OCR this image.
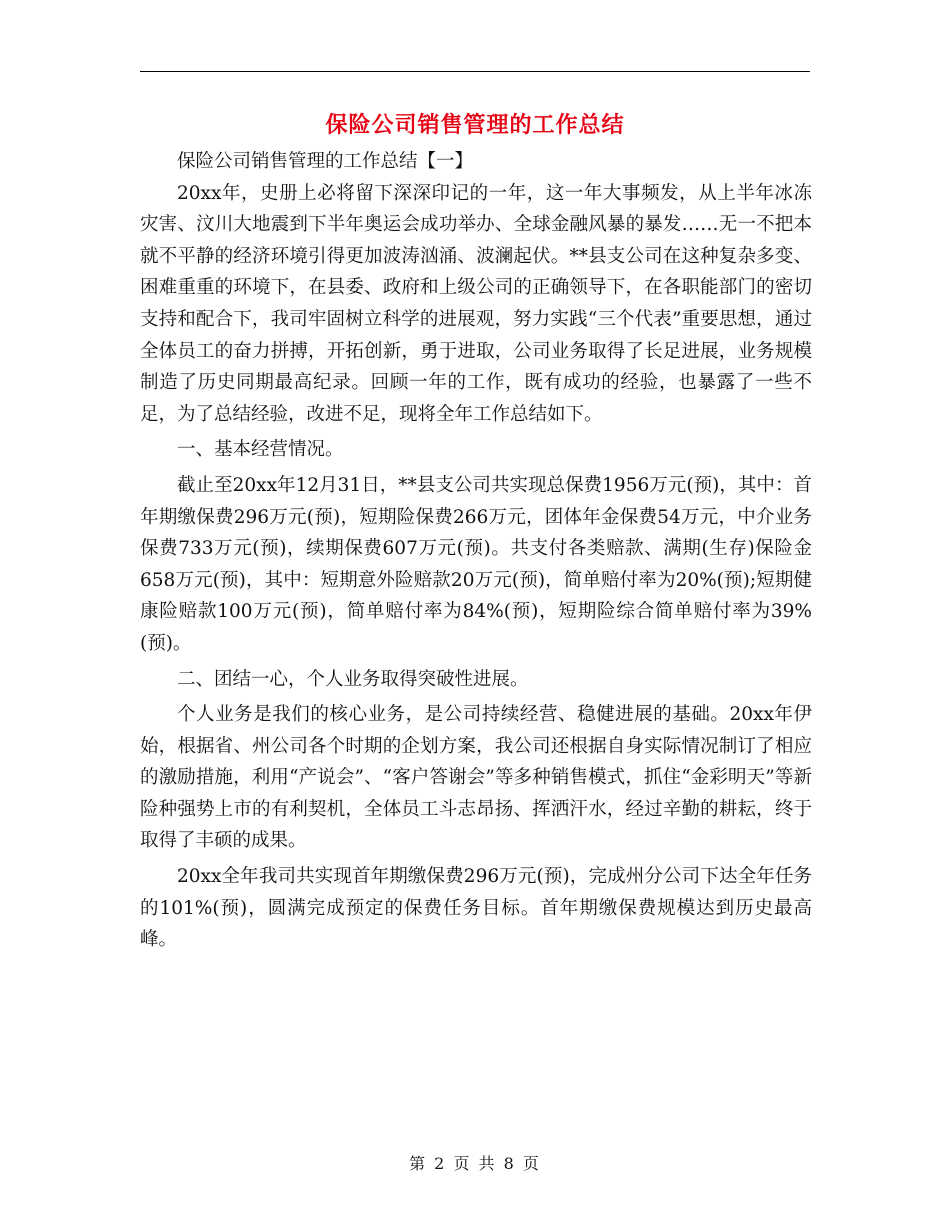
保险公司销售管理的工作总结

保险公司销售管理的工作总结【一】

20xx年，史册上必将留下深深印记的一年，这一年大事频发，从上半年冰冻灾害、汶川大地震到下半年奥运会成功举办、全球金融风暴的暴发……无一不把本就不平静的经济环境引得更加波涛汹涌、波澜起伏。**县支公司在这种复杂多变、困难重重的环境下，在县委、政府和上级公司的正确领导下，在各职能部门的密切支持和配合下，我司牢固树立科学的进展观，努力实践“三个代表”重要思想，通过全体员工的奋力拼搏，开拓创新，勇于进取，公司业务取得了长足进展，业务规模制造了历史同期最高纪录。回顾一年的工作，既有成功的经验，也暴露了一些不足，为了总结经验，改进不足，现将全年工作总结如下。

一、基本经营情况。

截止至20xx年12月31日，**县支公司共实现总保费1956万元(预)，其中：首年期缴保费296万元(预)，短期险保费266万元，团体年金保费54万元，中介业务保费733万元(预)，续期保费607万元(预)。共支付各类赔款、满期(生存)保险金658万元(预)，其中：短期意外险赔款20万元(预)，简单赔付率为20%(预);短期健康险赔款100万元(预)，简单赔付率为84%(预)，短期险综合简单赔付率为39%(预)。

二、团结一心，个人业务取得突破性进展。

个人业务是我们的核心业务，是公司持续经营、稳健进展的基础。20xx年伊始，根据省、州公司各个时期的企划方案，我公司还根据自身实际情况制订了相应的激励措施，利用“产说会”、“客户答谢会”等多种销售模式，抓住“金彩明天”等新险种强势上市的有利契机，全体员工斗志昂扬、挥洒汗水，经过辛勤的耕耘，终于取得了丰硕的成果。

20xx全年我司共实现首年期缴保费296万元(预)，完成州分公司下达全年任务的101%(预)，圆满完成预定的保费任务目标。首年期缴保费规模达到历史最高峰。

第 2 页 共 8 页
